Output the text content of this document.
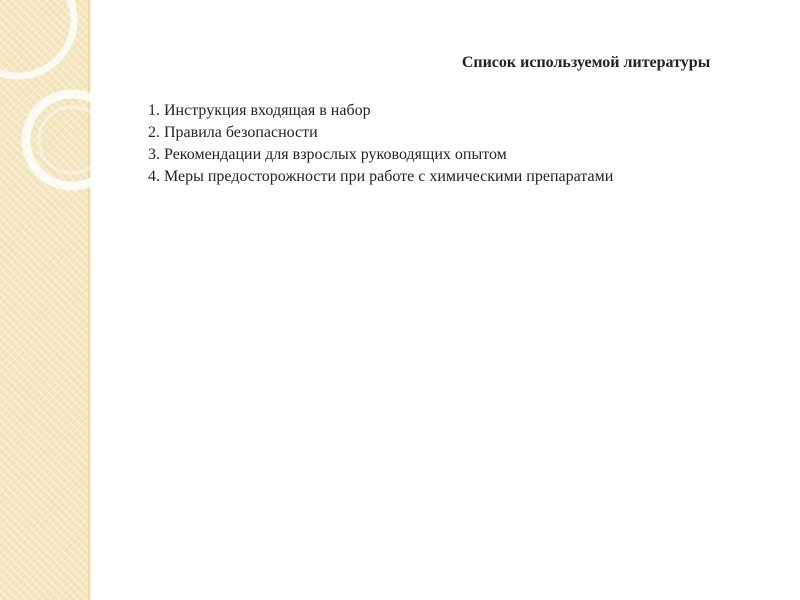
Список используемой литературы
1. Инструкция входящая в набор
2. Правила безопасности
3. Рекомендации для взрослых руководящих опытом
4. Меры предосторожности при работе с химическими препаратами
